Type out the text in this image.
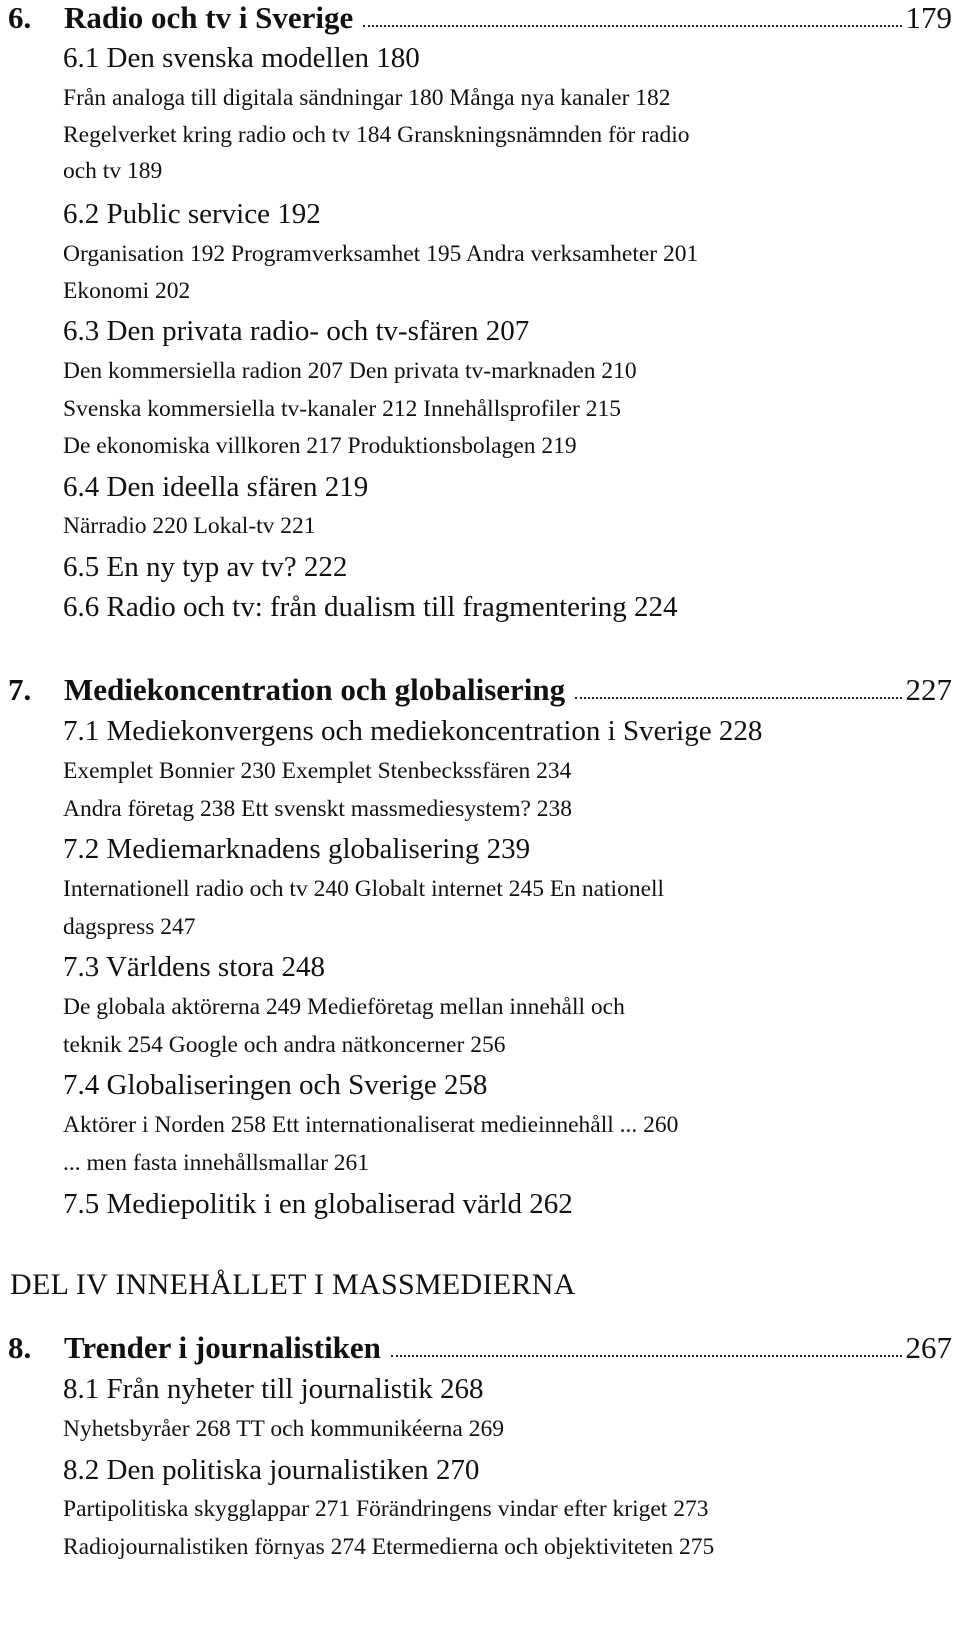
6.	Radio och tv i Sverige	179
6.1 Den svenska modellen 180
Från analoga till digitala sändningar 180 Många nya kanaler 182
Regelverket kring radio och tv 184 Granskningsnämnden för radio
och tv 189
6.2 Public service 192
Organisation 192 Programverksamhet 195 Andra verksamheter 201
Ekonomi 202
6.3 Den privata radio- och tv-sfären 207
Den kommersiella radion 207 Den privata tv-marknaden 210
Svenska kommersiella tv-kanaler 212 Innehållsprofiler 215
De ekonomiska villkoren 217 Produktionsbolagen 219
6.4 Den ideella sfären 219
Närradio 220 Lokal-tv 221
6.5 En ny typ av tv? 222
6.6 Radio och tv: från dualism till fragmentering 224
7.	Mediekoncentration och globalisering	227
7.1 Mediekonvergens och mediekoncentration i Sverige 228
Exemplet Bonnier 230 Exemplet Stenbeckssfären 234
Andra företag 238 Ett svenskt massmediesystem? 238
7.2 Mediemarknadens globalisering 239
Internationell radio och tv 240 Globalt internet 245 En nationell
dagspress 247
7.3 Världens stora 248
De globala aktörerna 249 Medieföretag mellan innehåll och
teknik 254 Google och andra nätkoncerner 256
7.4 Globaliseringen och Sverige 258
Aktörer i Norden 258 Ett internationaliserat medieinnehåll ... 260
... men fasta innehållsmallar 261
7.5 Mediepolitik i en globaliserad värld 262
DEL IV INNEHÅLLET I MASSMEDIERNA
8.	Trender i journalistiken	267
8.1 Från nyheter till journalistik 268
Nyhetsbyråer 268 TT och kommunikéerna 269
8.2 Den politiska journalistiken 270
Partipolitiska skygglappar 271 Förändringens vindar efter kriget 273
Radiojournalistiken förnyas 274 Etermedierna och objektiviteten 275
